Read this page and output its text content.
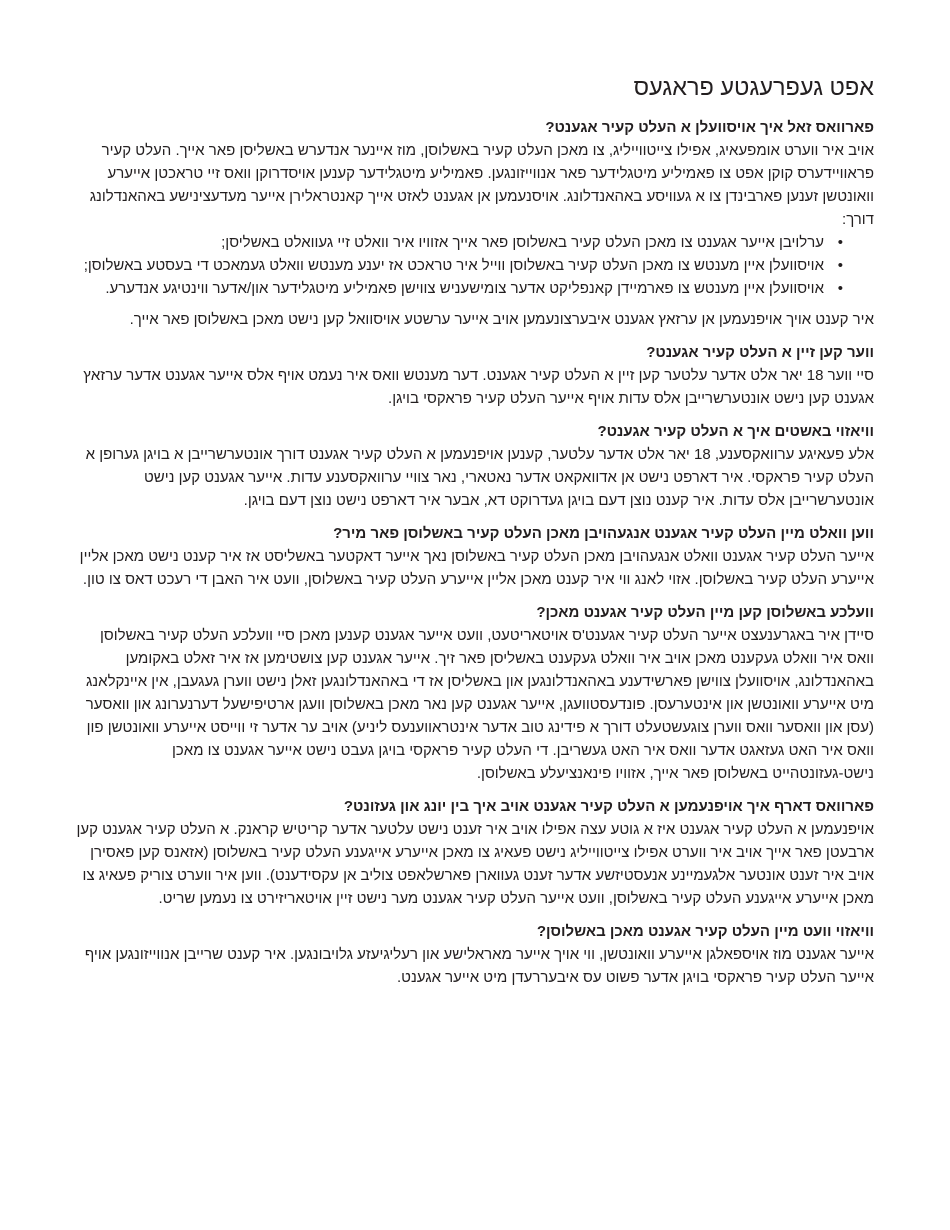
אפט געפרעגטע פראגעס

פארוואס זאל איך אויסוועלן א העלט קעיר אגענט?

אויב איר ווערט אומפעאיג, אפילו צייטווייליג, צו מאכן העלט קעיר באשלוסן, מוז איינער אנדערש באשליסן פאר אייך. העלט קעיר פראוויידערס קוקן אפט צו פאמיליע מיטגלידער פאר אנווייזונגען. פאמיליע מיטגלידער קענען אויסדרוקן וואס זיי טראכטן אייערע וואונטשן זענען פארבינדן צו א געוויסע באהאנדלונג. אויסנעמען אן אגענט לאזט אייך קאנטראלירן אייער מעדעצינישע באהאנדלונג דורך:

• ערלויבן אייער אגענט צו מאכן העלט קעיר באשלוסן פאר אייך אזוויו איר וואלט זיי געוואלט באשליסן;
• אויסוועלן איין מענטש צו מאכן העלט קעיר באשלוסן ווייל איר טראכט אז יענע מענטש וואלט געמאכט די בעסטע באשלוסן;
• אויסוועלן איין מענטש צו פארמיידן קאנפליקט אדער צומישעניש צווישן פאמיליע מיטגלידער און/אדער ווינטיגע אנדערע.

איר קענט אויך אויפנעמען אן ערזאץ אגענט איבערצונעמען אויב אייער ערשטע אויסוואל קען נישט מאכן באשלוסן פאר אייך.

ווער קען זיין א העלט קעיר אגענט?

סיי ווער 18 יאר אלט אדער עלטער קען זיין א העלט קעיר אגענט. דער מענטש וואס איר נעמט אויף אלס אייער אגענט אדער ערזאץ אגענט קען נישט אונטערשרייבן אלס עדות אויף אייער העלט קעיר פראקסי בויגן.

וויאזוי באשטים איך א העלט קעיר אגענט?

אלע פעאיגע ערוואקסענע, 18 יאר אלט אדער עלטער, קענען אויפנעמען א העלט קעיר אגענט דורך אונטערשרייבן א בויגן גערופן א העלט קעיר פראקסי. איר דארפט נישט אן אדוואקאט אדער נאטארי, נאר צוויי ערוואקסענע עדות. אייער אגענט קען נישט אונטערשרייבן אלס עדות. איר קענט נוצן דעם בויגן געדרוקט דא, אבער איר דארפט נישט נוצן דעם בויגן.

ווען וואלט מיין העלט קעיר אגענט אנגעהויבן מאכן העלט קעיר באשלוסן פאר מיר?

אייער העלט קעיר אגענט וואלט אנגעהויבן מאכן העלט קעיר באשלוסן נאך אייער דאקטער באשליסט אז איר קענט נישט מאכן אליין אייערע העלט קעיר באשלוסן. אזוי לאנג ווי איר קענט מאכן אליין אייערע העלט קעיר באשלוסן, וועט איר האבן די רעכט דאס צו טון.

וועלכע באשלוסן קען מיין העלט קעיר אגענט מאכן?

סיידן איר באגרענעצט אייער העלט קעיר אגענט'ס אויטאריטעט, וועט אייער אגענט קענען מאכן סיי וועלכע העלט קעיר באשלוסן וואס איר וואלט געקענט מאכן אויב איר וואלט געקענט באשליסן פאר זיך. אייער אגענט קען צושטימען אז איר זאלט באקומען באהאנדלונג, אויסוועלן צווישן פארשידענע באהאנדלונגען און באשליסן אז די באהאנדלונגען זאלן נישט ווערן געגעבן, אין איינקלאנג מיט אייערע וואונטשן און אינטערעסן. פונדעסטוועגן, אייער אגענט קען נאר מאכן באשלוסן וועגן ארטיפישעל דערנערונג און וואסער (עסן און וואסער וואס ווערן צוגעשטעלט דורך א פידינג טוב אדער אינטראווענעס ליניע) אויב ער אדער זי ווייסט אייערע וואונטשן פון וואס איר האט געזאגט אדער וואס איר האט געשריבן. די העלט קעיר פראקסי בויגן געבט נישט אייער אגענט צו מאכן נישט-געזונטהייט באשלוסן פאר אייך, אזוויו פינאנציעלע באשלוסן.

פארוואס דארף איך אויפנעמען א העלט קעיר אגענט אויב איך בין יונג און געזונט?

אויפנעמען א העלט קעיר אגענט איז א גוטע עצה אפילו אויב איר זענט נישט עלטער אדער קריטיש קראנק. א העלט קעיר אגענט קען ארבעטן פאר אייך אויב איר ווערט אפילו צייטווייליג נישט פעאיג צו מאכן אייערע אייגענע העלט קעיר באשלוסן (אזאנס קען פאסירן אויב איר זענט אונטער אלגעמיינע אנעסטיזשע אדער זענט געווארן פארשלאפט צוליב אן עקסידענט). ווען איר ווערט צוריק פעאיג צו מאכן אייערע אייגענע העלט קעיר באשלוסן, וועט אייער העלט קעיר אגענט מער נישט זיין אויטאריזירט צו נעמען שריט.

וויאזוי וועט מיין העלט קעיר אגענט מאכן באשלוסן?

אייער אגענט מוז אויספאלגן אייערע וואונטשן, ווי אויך אייער מאראלישע און רעליגיעזע גלויבונגען. איר קענט שרייבן אנווייזונגען אויף אייער העלט קעיר פראקסי בויגן אדער פשוט עס איבעררעדן מיט אייער אגענט.
